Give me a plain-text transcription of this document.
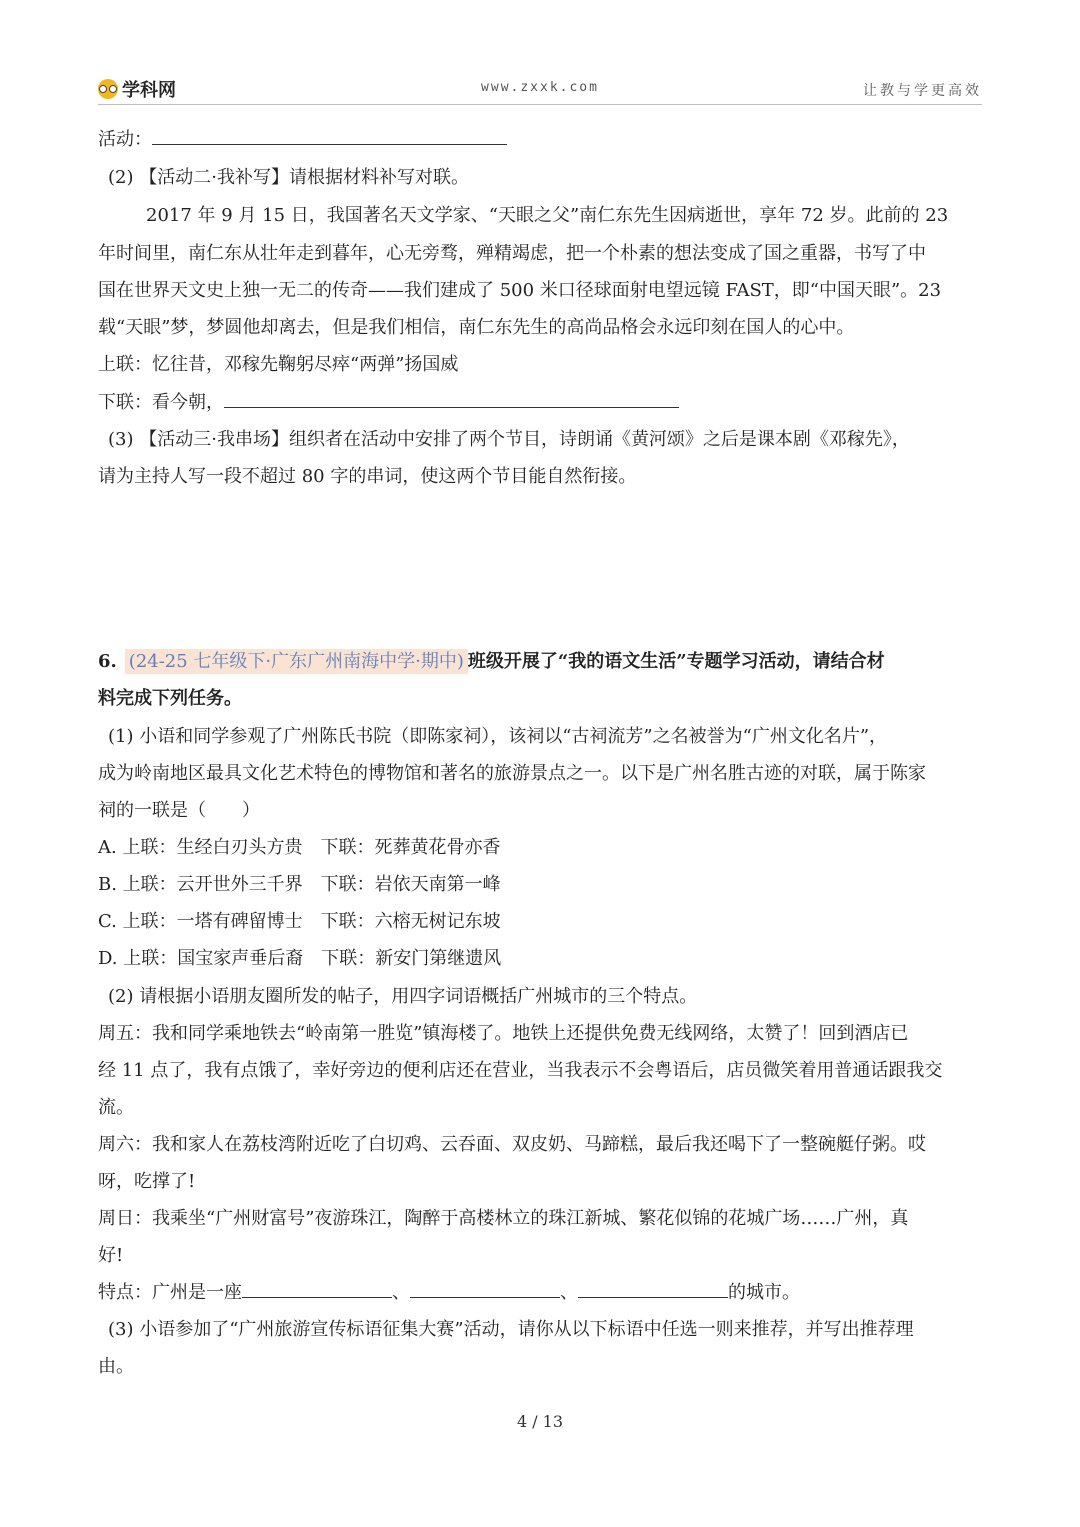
学科网	www.zxxk.com	让教与学更高效
活动：
(2) 【活动二·我补写】请根据材料补写对联。
2017 年 9 月 15 日，我国著名天文学家、“天眼之父”南仁东先生因病逝世，享年 72 岁。此前的 23
年时间里，南仁东从壮年走到暮年，心无旁骛，殚精竭虑，把一个朴素的想法变成了国之重器，书写了中
国在世界天文史上独一无二的传奇——我们建成了 500 米口径球面射电望远镜 FAST，即“中国天眼”。23
载“天眼”梦，梦圆他却离去，但是我们相信，南仁东先生的高尚品格会永远印刻在国人的心中。
上联：忆往昔，邓稼先鞠躬尽瘁“两弹”扬国威
下联：看今朝，
(3) 【活动三·我串场】组织者在活动中安排了两个节目，诗朗诵《黄河颂》之后是课本剧《邓稼先》，
请为主持人写一段不超过 80 字的串词，使这两个节目能自然衔接。
6. (24-25 七年级下·广东广州南海中学·期中) 班级开展了“我的语文生活”专题学习活动，请结合材
料完成下列任务。
(1) 小语和同学参观了广州陈氏书院（即陈家祠），该祠以“古祠流芳”之名被誉为“广州文化名片”，
成为岭南地区最具文化艺术特色的博物馆和著名的旅游景点之一。以下是广州名胜古迹的对联，属于陈家
祠的一联是（　　）
A. 上联：生经白刃头方贵　下联：死葬黄花骨亦香
B. 上联：云开世外三千界　下联：岩依天南第一峰
C. 上联：一塔有碑留博士　下联：六榕无树记东坡
D. 上联：国宝家声垂后裔　下联：新安门第继遗风
(2) 请根据小语朋友圈所发的帖子，用四字词语概括广州城市的三个特点。
周五：我和同学乘地铁去“岭南第一胜览”镇海楼了。地铁上还提供免费无线网络，太赞了！回到酒店已
经 11 点了，我有点饿了，幸好旁边的便利店还在营业，当我表示不会粤语后，店员微笑着用普通话跟我交
流。
周六：我和家人在荔枝湾附近吃了白切鸡、云吞面、双皮奶、马蹄糕，最后我还喝下了一整碗艇仔粥。哎
呀，吃撑了!
周日：我乘坐“广州财富号”夜游珠江，陶醉于高楼林立的珠江新城、繁花似锦的花城广场……广州，真
好!
特点：广州是一座	、	、	的城市。
(3) 小语参加了“广州旅游宣传标语征集大赛”活动，请你从以下标语中任选一则来推荐，并写出推荐理
由。
4 / 13
